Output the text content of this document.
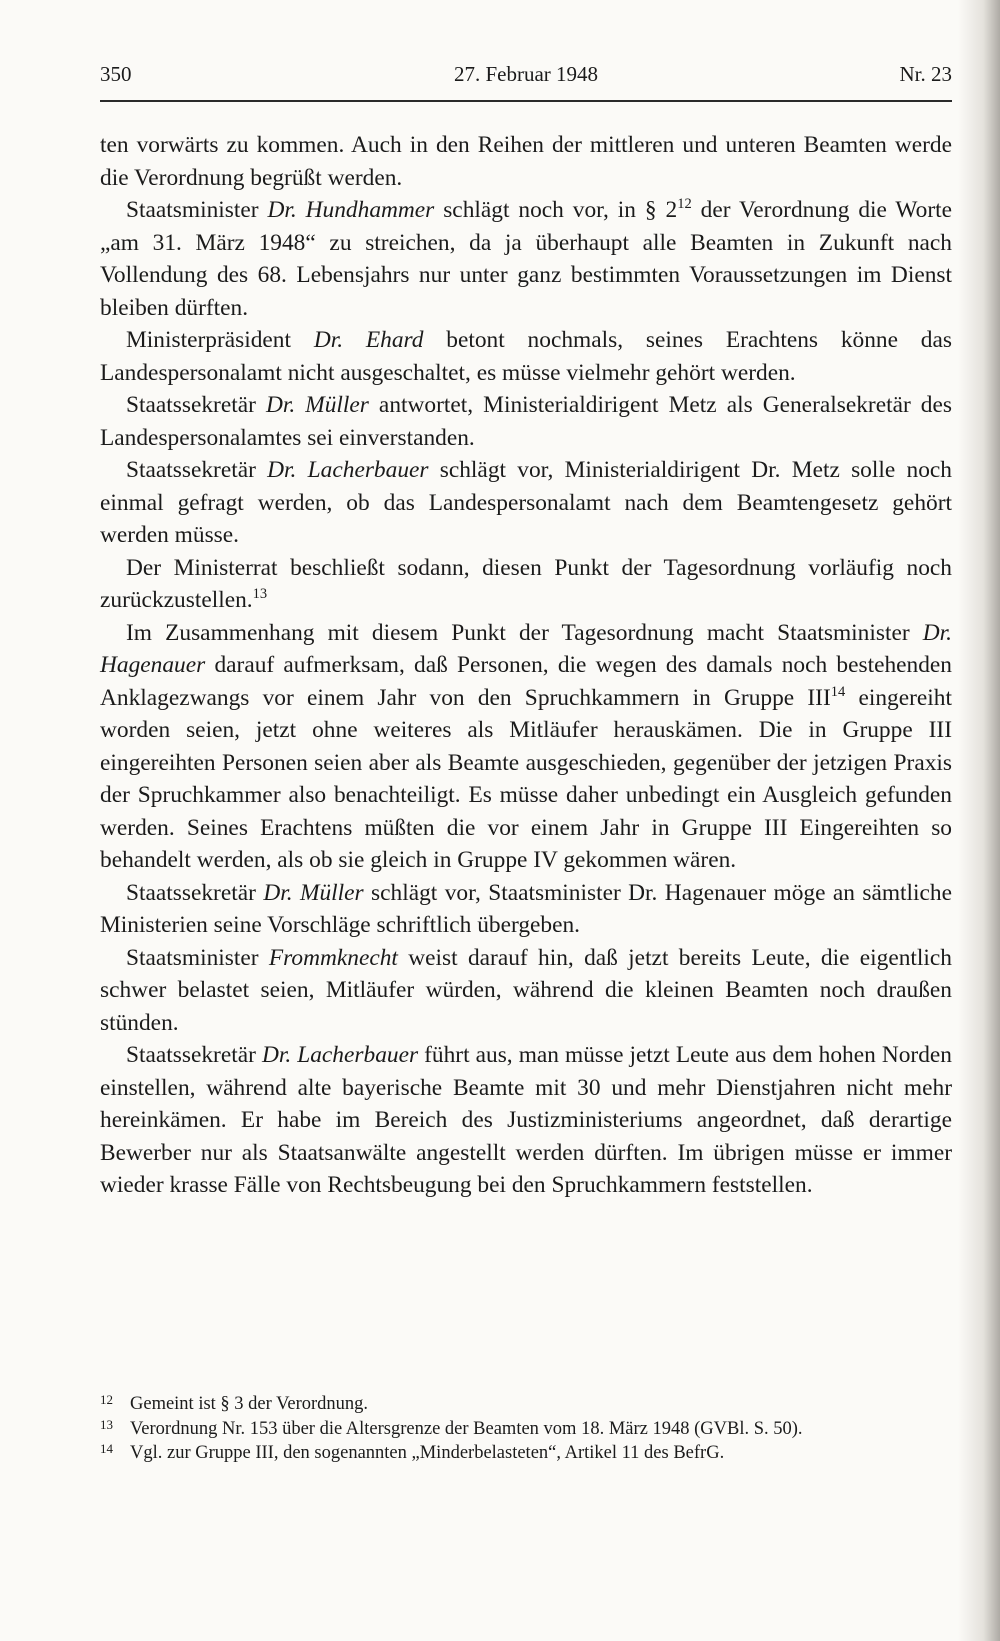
350	27. Februar 1948	Nr. 23

ten vorwärts zu kommen. Auch in den Reihen der mittleren und unteren Beamten werde die Verordnung begrüßt werden.

Staatsminister Dr. Hundhammer schlägt noch vor, in § $2^{12}$ der Verordnung die Worte „am 31. März 1948“ zu streichen, da ja überhaupt alle Beamten in Zukunft nach Vollendung des 68. Lebensjahrs nur unter ganz bestimmten Voraussetzungen im Dienst bleiben dürften.

Ministerpräsident Dr. Ehard betont nochmals, seines Erachtens könne das Landespersonalamt nicht ausgeschaltet, es müsse vielmehr gehört werden.

Staatssekretär Dr. Müller antwortet, Ministerialdirigent Metz als Generalsekretär des Landespersonalamtes sei einverstanden.

Staatssekretär Dr. Lacherbauer schlägt vor, Ministerialdirigent Dr. Metz solle noch einmal gefragt werden, ob das Landespersonalamt nach dem Beamtengesetz gehört werden müsse.

Der Ministerrat beschließt sodann, diesen Punkt der Tagesordnung vorläufig noch zurückzustellen.$^{13}$

Im Zusammenhang mit diesem Punkt der Tagesordnung macht Staatsminister Dr. Hagenauer darauf aufmerksam, daß Personen, die wegen des damals noch bestehenden Anklagezwangs vor einem Jahr von den Spruchkammern in Gruppe III$^{14}$ eingereiht worden seien, jetzt ohne weiteres als Mitläufer herauskämen. Die in Gruppe III eingereihten Personen seien aber als Beamte ausgeschieden, gegenüber der jetzigen Praxis der Spruchkammer also benachteiligt. Es müsse daher unbedingt ein Ausgleich gefunden werden. Seines Erachtens müßten die vor einem Jahr in Gruppe III Eingereihten so behandelt werden, als ob sie gleich in Gruppe IV gekommen wären.

Staatssekretär Dr. Müller schlägt vor, Staatsminister Dr. Hagenauer möge an sämtliche Ministerien seine Vorschläge schriftlich übergeben.

Staatsminister Frommknecht weist darauf hin, daß jetzt bereits Leute, die eigentlich schwer belastet seien, Mitläufer würden, während die kleinen Beamten noch draußen stünden.

Staatssekretär Dr. Lacherbauer führt aus, man müsse jetzt Leute aus dem hohen Norden einstellen, während alte bayerische Beamte mit 30 und mehr Dienstjahren nicht mehr hereinkämen. Er habe im Bereich des Justizministeriums angeordnet, daß derartige Bewerber nur als Staatsanwälte angestellt werden dürften. Im übrigen müsse er immer wieder krasse Fälle von Rechtsbeugung bei den Spruchkammern feststellen.

12 Gemeint ist § 3 der Verordnung.
13 Verordnung Nr. 153 über die Altersgrenze der Beamten vom 18. März 1948 (GVBl. S. 50).
14 Vgl. zur Gruppe III, den sogenannten „Minderbelasteten“, Artikel 11 des BefrG.
